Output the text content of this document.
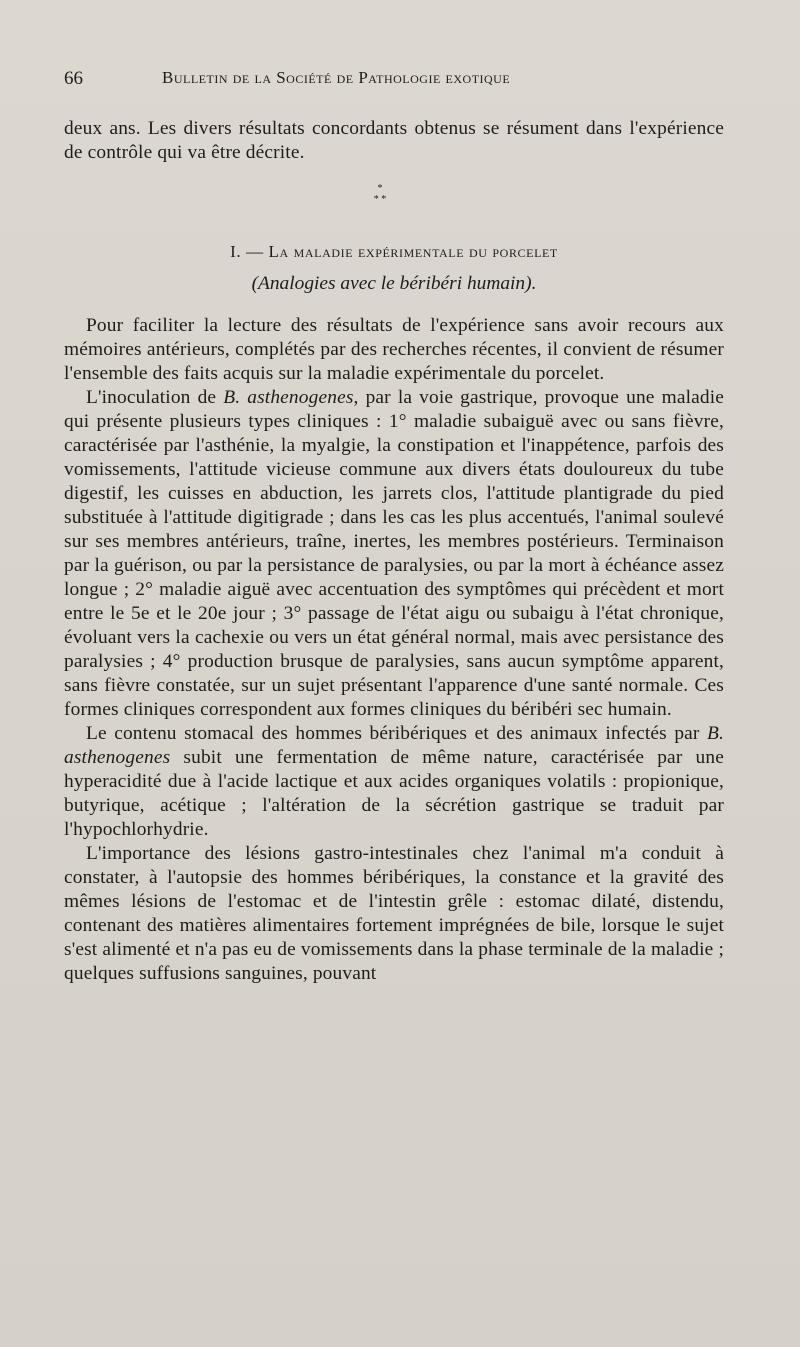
66	Bulletin de la Société de Pathologie exotique

deux ans. Les divers résultats concordants obtenus se résument dans l'expérience de contrôle qui va être décrite.

*
* *
I. — La maladie expérimentale du porcelet
(Analogies avec le béribéri humain).

Pour faciliter la lecture des résultats de l'expérience sans avoir recours aux mémoires antérieurs, complétés par des recherches récentes, il convient de résumer l'ensemble des faits acquis sur la maladie expérimentale du porcelet.

L'inoculation de B. asthenogenes, par la voie gastrique, provoque une maladie qui présente plusieurs types cliniques : 1° maladie subaiguë avec ou sans fièvre, caractérisée par l'asthénie, la myalgie, la constipation et l'inappétence, parfois des vomissements, l'attitude vicieuse commune aux divers états douloureux du tube digestif, les cuisses en abduction, les jarrets clos, l'attitude plantigrade du pied substituée à l'attitude digitigrade ; dans les cas les plus accentués, l'animal soulevé sur ses membres antérieurs, traîne, inertes, les membres postérieurs. Terminaison par la guérison, ou par la persistance de paralysies, ou par la mort à échéance assez longue ; 2° maladie aiguë avec accentuation des symptômes qui précèdent et mort entre le 5e et le 20e jour ; 3° passage de l'état aigu ou subaigu à l'état chronique, évoluant vers la cachexie ou vers un état général normal, mais avec persistance des paralysies ; 4° production brusque de paralysies, sans aucun symptôme apparent, sans fièvre constatée, sur un sujet présentant l'apparence d'une santé normale. Ces formes cliniques correspondent aux formes cliniques du béribéri sec humain.

Le contenu stomacal des hommes béribériques et des animaux infectés par B. asthenogenes subit une fermentation de même nature, caractérisée par une hyperacidité due à l'acide lactique et aux acides organiques volatils : propionique, butyrique, acétique ; l'altération de la sécrétion gastrique se traduit par l'hypochlorhydrie.

L'importance des lésions gastro-intestinales chez l'animal m'a conduit à constater, à l'autopsie des hommes béribériques, la constance et la gravité des mêmes lésions de l'estomac et de l'intestin grêle : estomac dilaté, distendu, contenant des matières alimentaires fortement imprégnées de bile, lorsque le sujet s'est alimenté et n'a pas eu de vomissements dans la phase terminale de la maladie ; quelques suffusions sanguines, pouvant
